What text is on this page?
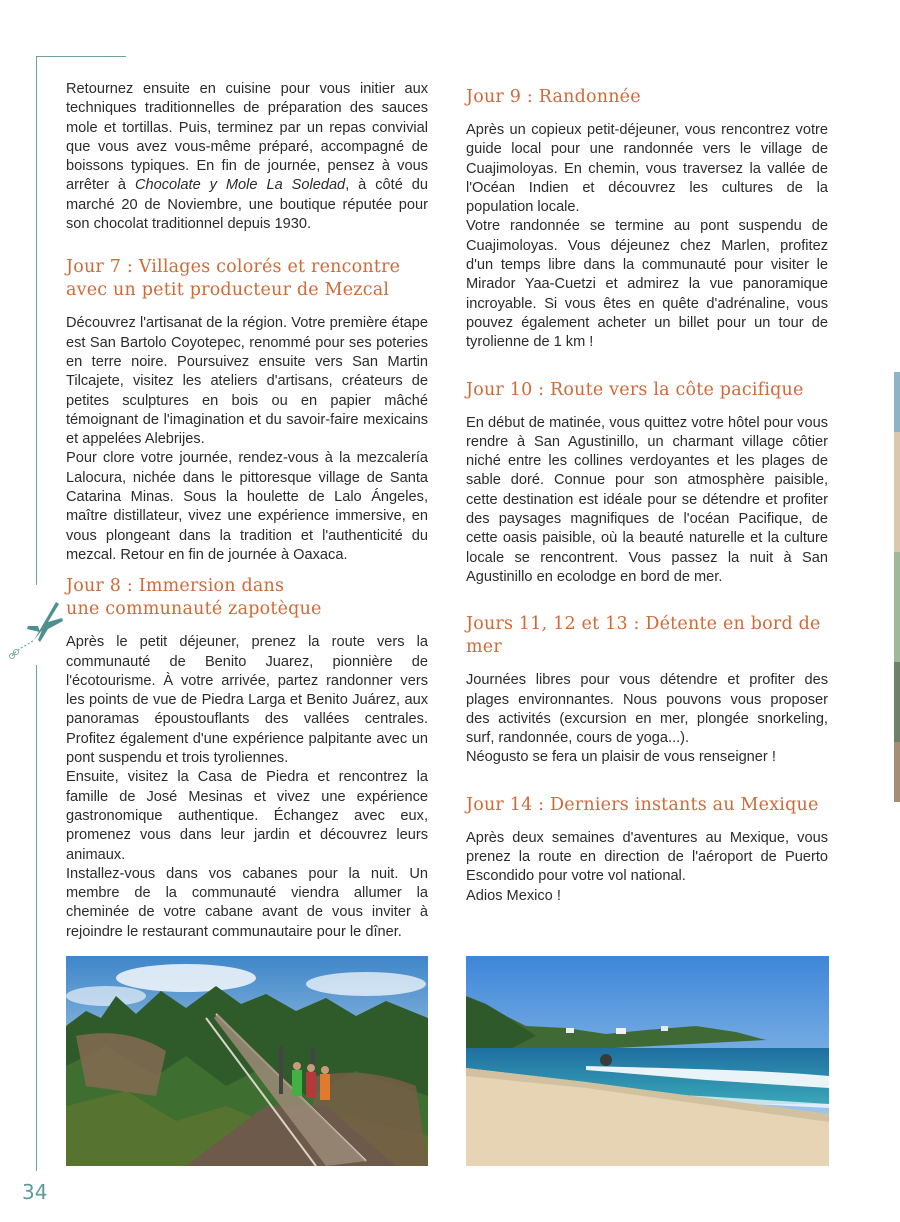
Retournez ensuite en cuisine pour vous initier aux techniques traditionnelles de préparation des sauces mole et tortillas. Puis, terminez par un repas convivial que vous avez vous-même préparé, accompagné de boissons typiques. En fin de journée, pensez à vous arrêter à Chocolate y Mole La Soledad, à côté du marché 20 de Noviembre, une boutique réputée pour son chocolat traditionnel depuis 1930.

Jour 7 : Villages colorés et rencontre
avec un petit producteur de Mezcal

Découvrez l'artisanat de la région. Votre première étape est San Bartolo Coyotepec, renommé pour ses poteries en terre noire. Poursuivez ensuite vers San Martin Tilcajete, visitez les ateliers d'artisans, créateurs de petites sculptures en bois ou en papier mâché témoignant de l'imagination et du savoir-faire mexicains et appelées Alebrijes.

Pour clore votre journée, rendez-vous à la mezcalería Lalocura, nichée dans le pittoresque village de Santa Catarina Minas. Sous la houlette de Lalo Ángeles, maître distillateur, vivez une expérience immersive, en vous plongeant dans la tradition et l'authenticité du mezcal. Retour en fin de journée à Oaxaca.

Jour 8 : Immersion dans
une communauté zapotèque

Après le petit déjeuner, prenez la route vers la communauté de Benito Juarez, pionnière de l'écotourisme. À votre arrivée, partez randonner vers les points de vue de Piedra Larga et Benito Juárez, aux panoramas époustouflants des vallées centrales. Profitez également d'une expérience palpitante avec un pont suspendu et trois tyroliennes.

Ensuite, visitez la Casa de Piedra et rencontrez la famille de José Mesinas et vivez une expérience gastronomique authentique. Échangez avec eux, promenez vous dans leur jardin et découvrez leurs animaux.

Installez-vous dans vos cabanes pour la nuit. Un membre de la communauté viendra allumer la cheminée de votre cabane avant de vous inviter à rejoindre le restaurant communautaire pour le dîner.

Jour 9 : Randonnée

Après un copieux petit-déjeuner, vous rencontrez votre guide local pour une randonnée vers le village de Cuajimoloyas. En chemin, vous traversez la vallée de l'Océan Indien et découvrez les cultures de la population locale.

Votre randonnée se termine au pont suspendu de Cuajimoloyas. Vous déjeunez chez Marlen, profitez d'un temps libre dans la communauté pour visiter le Mirador Yaa-Cuetzi et admirez la vue panoramique incroyable. Si vous êtes en quête d'adrénaline, vous pouvez également acheter un billet pour un tour de tyrolienne de 1 km !

Jour 10 : Route vers la côte pacifique

En début de matinée, vous quittez votre hôtel pour vous rendre à San Agustinillo, un charmant village côtier niché entre les collines verdoyantes et les plages de sable doré. Connue pour son atmosphère paisible, cette destination est idéale pour se détendre et profiter des paysages magnifiques de l'océan Pacifique, de cette oasis paisible, où la beauté naturelle et la culture locale se rencontrent. Vous passez la nuit à San Agustinillo en ecolodge en bord de mer.

Jours 11, 12 et 13 : Détente en bord de mer

Journées libres pour vous détendre et profiter des plages environnantes. Nous pouvons vous proposer des activités (excursion en mer, plongée snorkeling, surf, randonnée, cours de yoga...).

Néogusto se fera un plaisir de vous renseigner !

Jour 14 : Derniers instants au Mexique

Après deux semaines d'aventures au Mexique, vous prenez la route en direction de l'aéroport de Puerto Escondido pour votre vol national.

Adios Mexico !

34
